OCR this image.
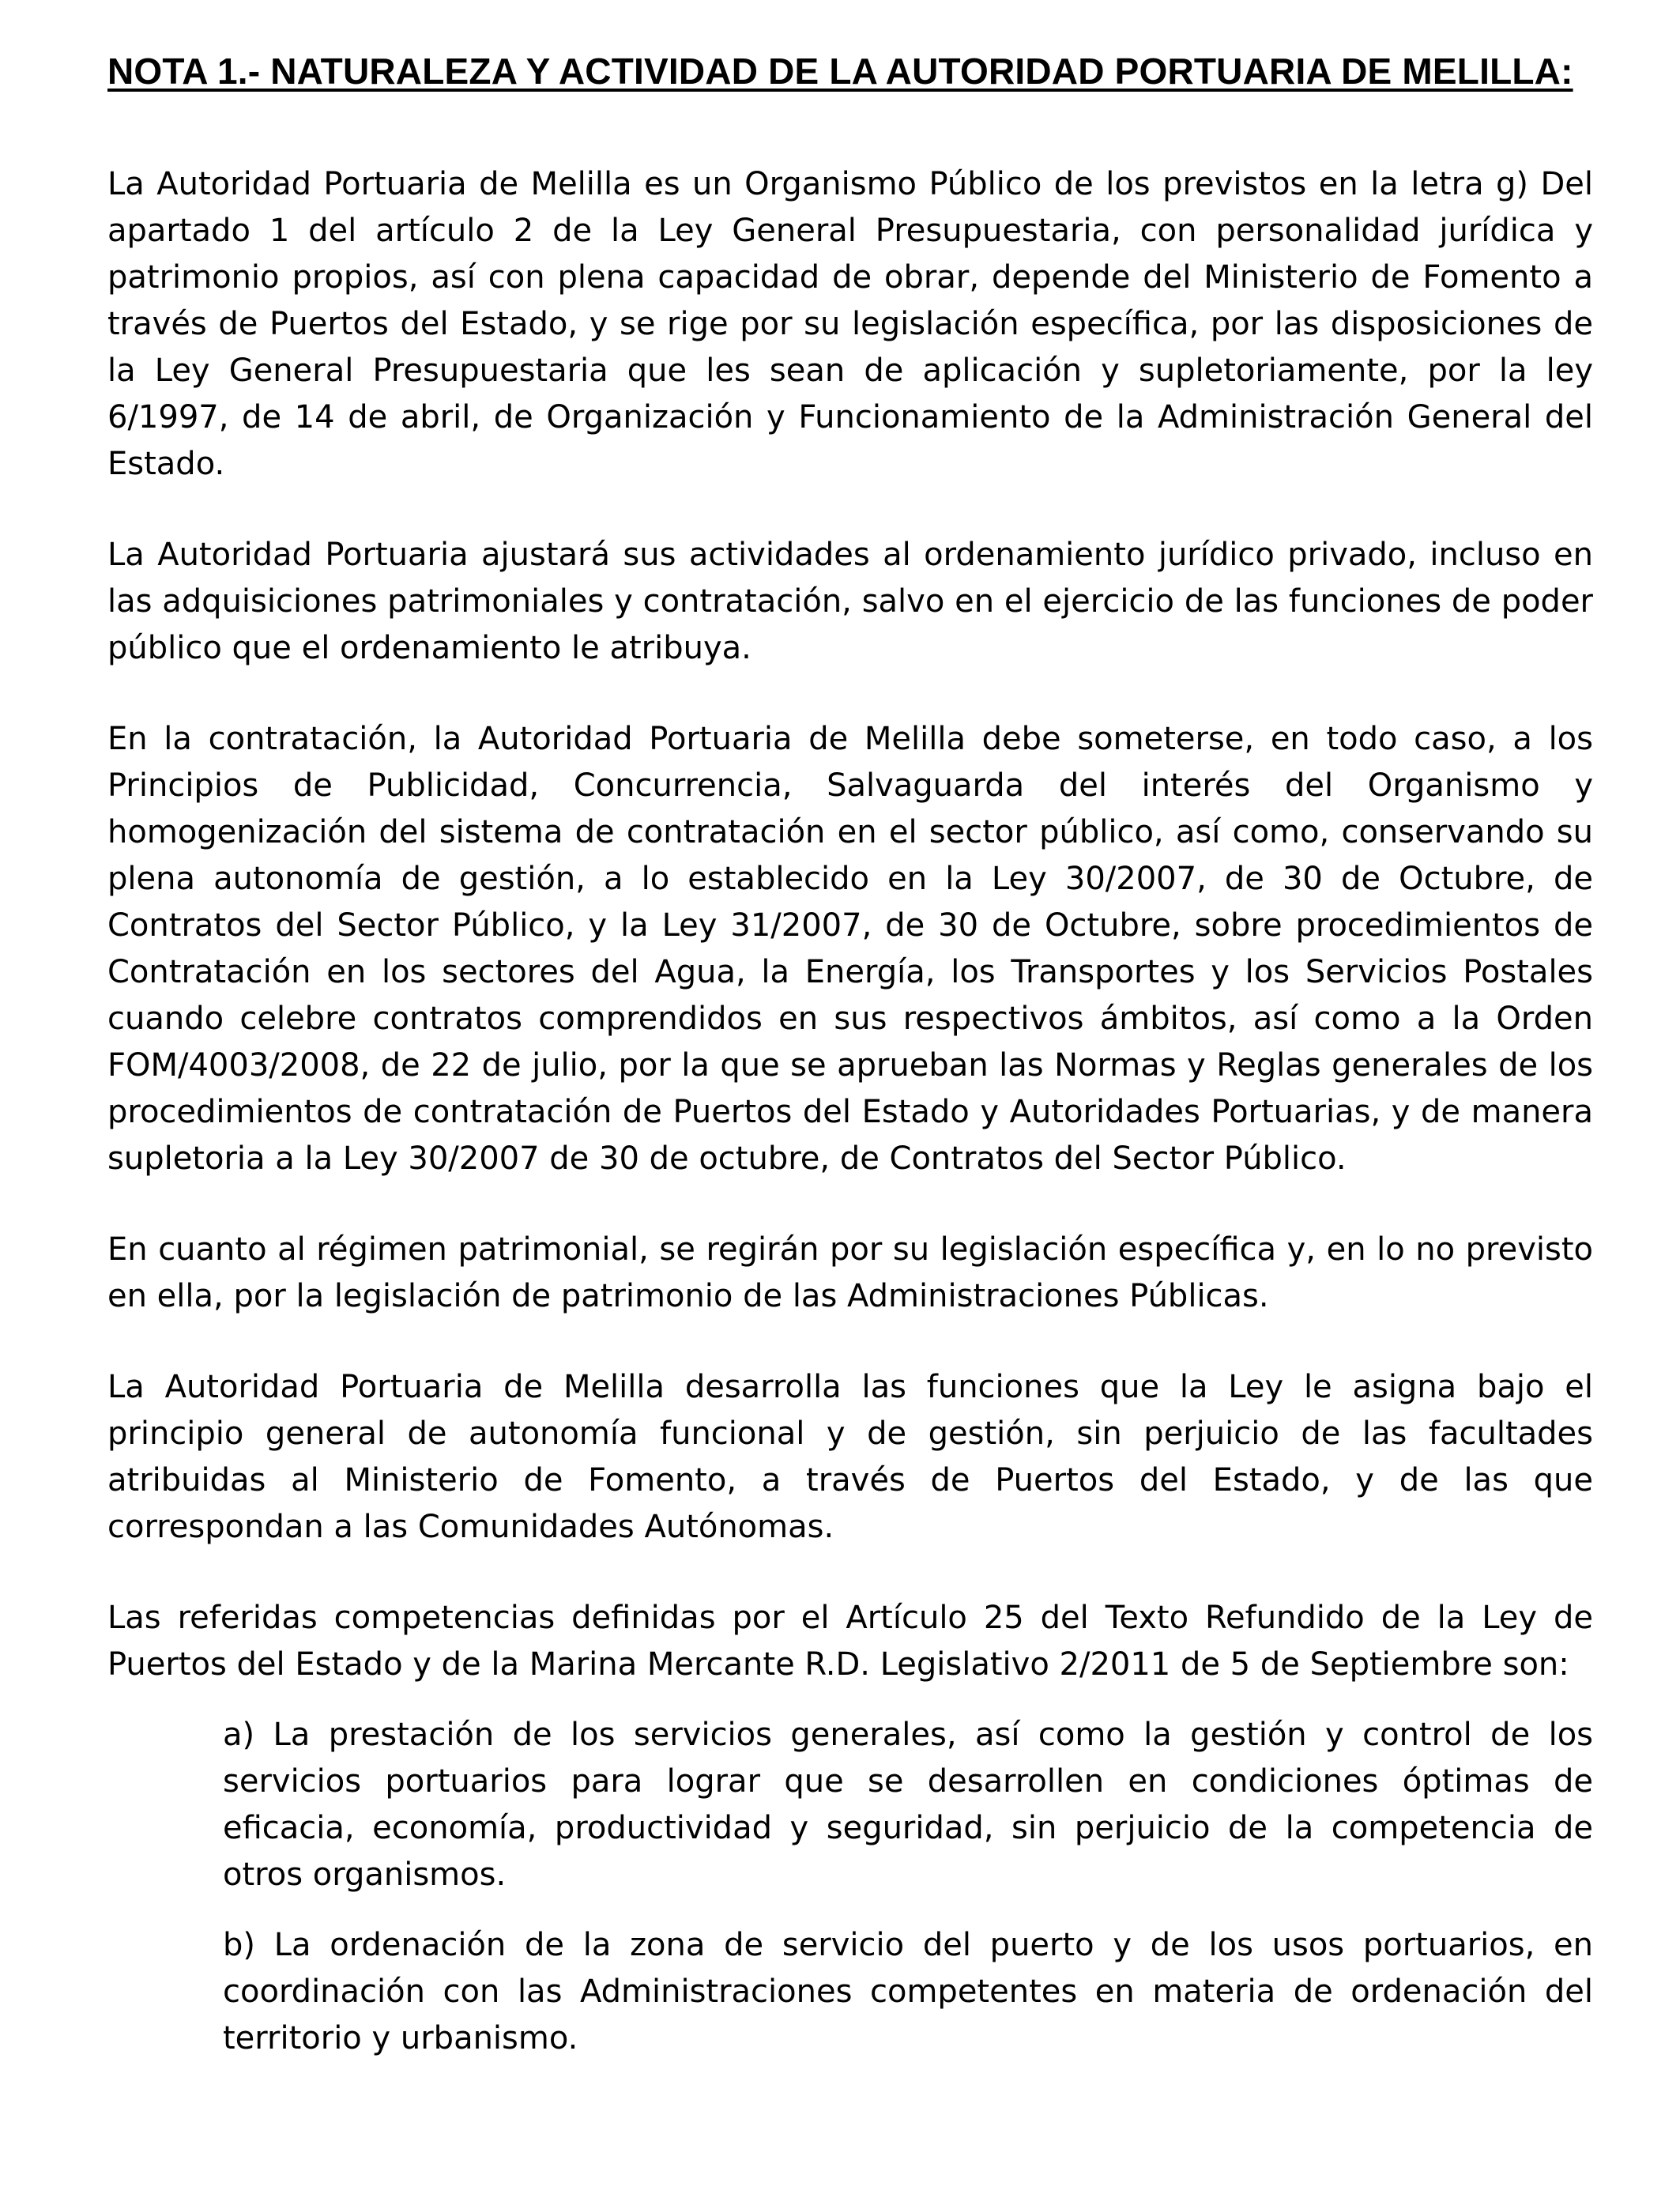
NOTA 1.- NATURALEZA Y ACTIVIDAD DE LA AUTORIDAD PORTUARIA DE MELILLA:

La Autoridad Portuaria de Melilla es un Organismo Público de los previstos en la letra g) Del apartado 1 del artículo 2 de la Ley General Presupuestaria, con personalidad jurídica y patrimonio propios, así con plena capacidad de obrar, depende del Ministerio de Fomento a través de Puertos del Estado, y se rige por su legislación específica, por las disposiciones de la Ley General Presupuestaria que les sean de aplicación y supletoriamente, por la ley 6/1997, de 14 de abril, de Organización y Funcionamiento de la Administración General del Estado.

La Autoridad Portuaria ajustará sus actividades al ordenamiento jurídico privado, incluso en las adquisiciones patrimoniales y contratación, salvo en el ejercicio de las funciones de poder público que el ordenamiento le atribuya.

En la contratación, la Autoridad Portuaria de Melilla debe someterse, en todo caso, a los Principios de Publicidad, Concurrencia, Salvaguarda del interés del Organismo y homogenización del sistema de contratación en el sector público, así como, conservando su plena autonomía de gestión, a lo establecido en la Ley 30/2007, de 30 de Octubre, de Contratos del Sector Público, y la Ley 31/2007, de 30 de Octubre, sobre procedimientos de Contratación en los sectores del Agua, la Energía, los Transportes y los Servicios Postales cuando celebre contratos comprendidos en sus respectivos ámbitos, así como a la Orden FOM/4003/2008, de 22 de julio, por la que se aprueban las Normas y Reglas generales de los procedimientos de contratación de Puertos del Estado y Autoridades Portuarias, y de manera supletoria a la Ley 30/2007 de 30 de octubre, de Contratos del Sector Público.

En cuanto al régimen patrimonial, se regirán por su legislación específica y, en lo no previsto en ella, por la legislación de patrimonio de las Administraciones Públicas.

La Autoridad Portuaria de Melilla desarrolla las funciones que la Ley le asigna bajo el principio general de autonomía funcional y de gestión, sin perjuicio de las facultades atribuidas al Ministerio de Fomento, a través de Puertos del Estado, y de las que correspondan a las Comunidades Autónomas.

Las referidas competencias definidas por el Artículo 25 del Texto Refundido de la Ley de Puertos del Estado y de la Marina Mercante R.D. Legislativo 2/2011 de 5 de Septiembre son:

a) La prestación de los servicios generales, así como la gestión y control de los servicios portuarios para lograr que se desarrollen en condiciones óptimas de eficacia, economía, productividad y seguridad, sin perjuicio de la competencia de otros organismos.

b) La ordenación de la zona de servicio del puerto y de los usos portuarios, en coordinación con las Administraciones competentes en materia de ordenación del territorio y urbanismo.
